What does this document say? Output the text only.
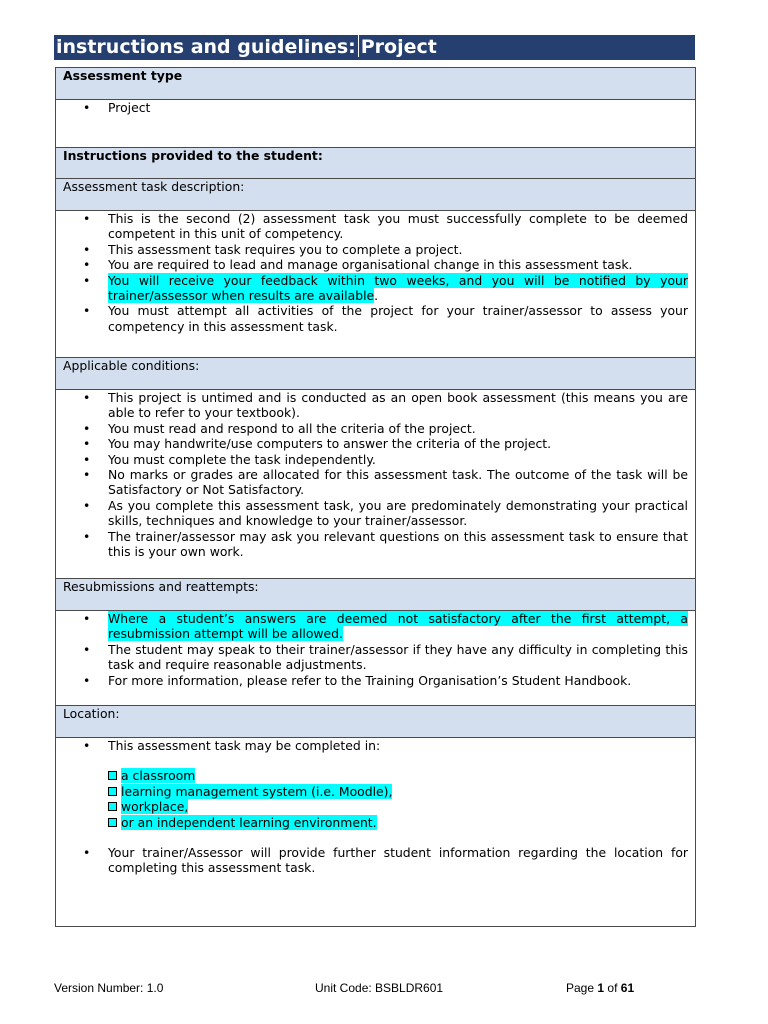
instructions and guidelines: Project
Assessment type

• Project

Instructions provided to the student:
Assessment task description:

• This is the second (2) assessment task you must successfully complete to be deemed competent in this unit of competency.
• This assessment task requires you to complete a project.
• You are required to lead and manage organisational change in this assessment task.
• You will receive your feedback within two weeks, and you will be notified by your trainer/assessor when results are available.
• You must attempt all activities of the project for your trainer/assessor to assess your competency in this assessment task.

Applicable conditions:

• This project is untimed and is conducted as an open book assessment (this means you are able to refer to your textbook).
• You must read and respond to all the criteria of the project.
• You may handwrite/use computers to answer the criteria of the project.
• You must complete the task independently.
• No marks or grades are allocated for this assessment task. The outcome of the task will be Satisfactory or Not Satisfactory.
• As you complete this assessment task, you are predominately demonstrating your practical skills, techniques and knowledge to your trainer/assessor.
• The trainer/assessor may ask you relevant questions on this assessment task to ensure that this is your own work.

Resubmissions and reattempts:

• Where a student’s answers are deemed not satisfactory after the first attempt, a resubmission attempt will be allowed.
• The student may speak to their trainer/assessor if they have any difficulty in completing this task and require reasonable adjustments.
• For more information, please refer to the Training Organisation’s Student Handbook.

Location:

• This assessment task may be completed in:
a classroom
learning management system (i.e. Moodle),
workplace,
or an independent learning environment.
• Your trainer/Assessor will provide further student information regarding the location for completing this assessment task.
Version Number: 1.0	Unit Code: BSBLDR601	Page 1 of 61
